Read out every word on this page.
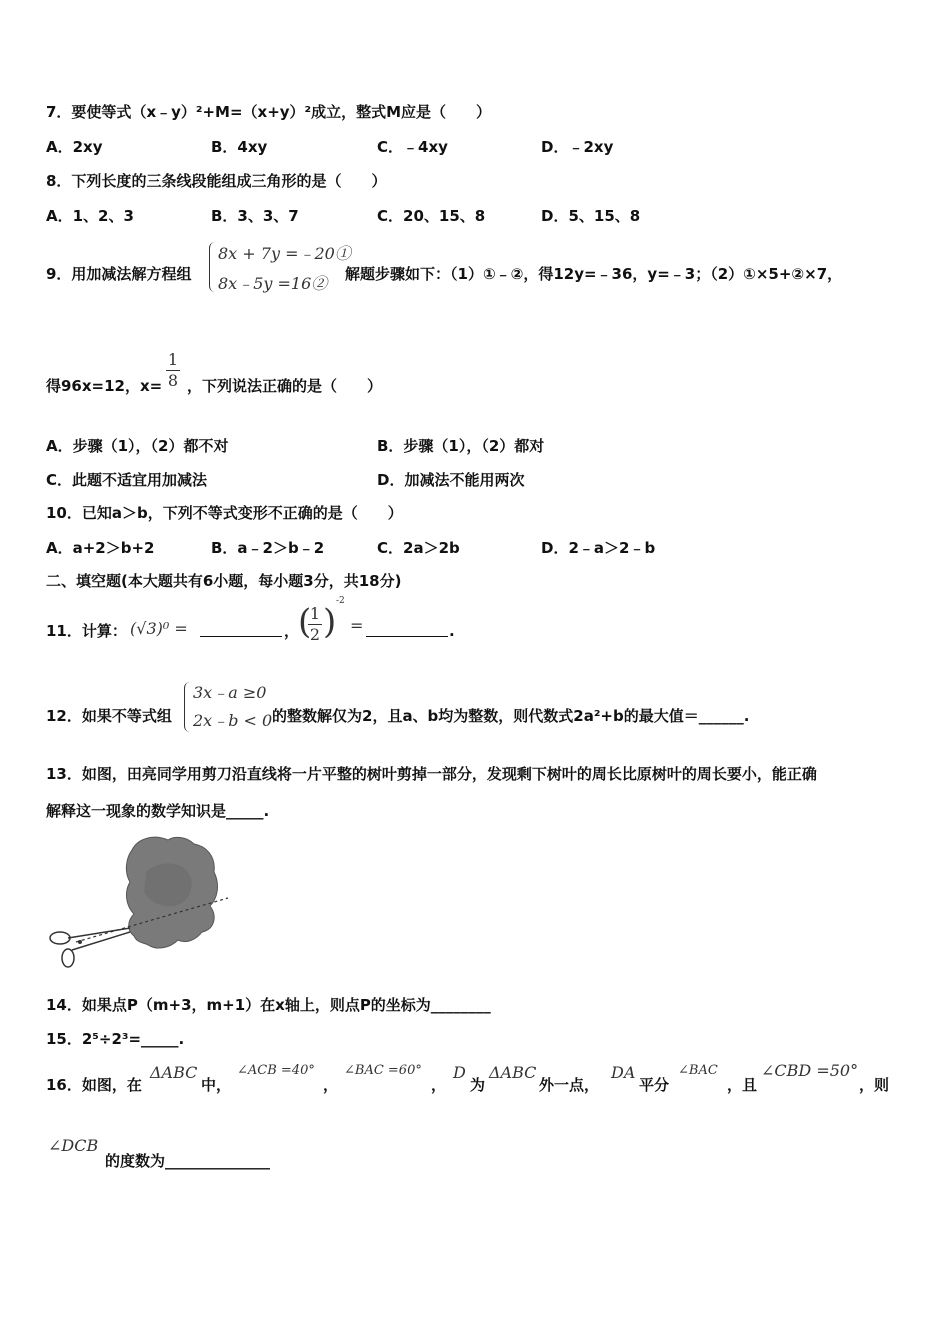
7．要使等式（x﹣y）²+M=（x+y）²成立，整式M应是（　　）
A．2xy	B．4xy	C．﹣4xy	D．﹣2xy
8．下列长度的三条线段能组成三角形的是（　　）
A．1、2、3	B．3、3、7	C．20、15、8	D．5、15、8
9．用加减法解方程组
8x + 7y =﹣20①
8x﹣5y =16② 解题步骤如下：（1）①﹣②，得12y=﹣36，y=﹣3；（2）①×5+②×7，
得96x=12，$x= \frac{1}{8}$ ，下列说法正确的是（　　）
A．步骤（1），（2）都不对	B．步骤（1），（2）都对
C．此题不适宜用加减法	D．加减法不能用两次
10．已知a＞b，下列不等式变形不正确的是（　　）
A．a+2＞b+2	B．a﹣2＞b﹣2	C．2a＞2b	D．2﹣a＞2﹣b
二、填空题(本大题共有6小题，每小题3分，共18分)
11．计算： (√3)⁰ =	，
(
$\frac{1}{2}$ )
-2
=	.
12．如果不等式组
3x﹣a ≥0
2x﹣b < 0 的整数解仅为2，且a、b均为整数，则代数式2a²+b的最大值＝______.
13．如图，田亮同学用剪刀沿直线将一片平整的树叶剪掉一部分，发现剩下树叶的周长比原树叶的周长要小，能正确
解释这一现象的数学知识是_____.
14．如果点P（m+3，m+1）在x轴上，则点P的坐标为________
15．2⁵÷2³=_____.
16．如图，在
ΔABC
中，
∠ACB =40°
，
∠BAC =60°
，
D
为
ΔABC
外一点，
DA
平分
∠BAC
，且
∠CBD =50°
，则
∠DCB
的度数为______________
